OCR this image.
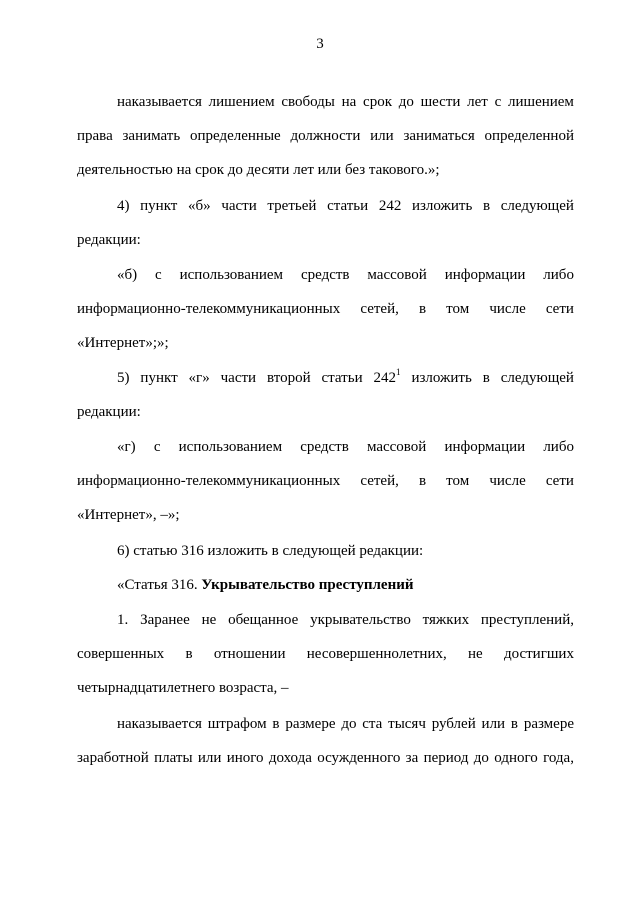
3
наказывается лишением свободы на срок до шести лет с лишением
права занимать определенные должности или заниматься определенной
деятельностью на срок до десяти лет или без такового.»;
4) пункт «б» части третьей статьи 242 изложить в следующей
редакции:
«б) с использованием средств массовой информации либо
информационно-телекоммуникационных сетей, в том числе сети
«Интернет»;»;
5) пункт «г» части второй статьи $242^1$ изложить в следующей
редакции:
«г) с использованием средств массовой информации либо
информационно-телекоммуникационных сетей, в том числе сети
«Интернет», –»;
6) статью 316 изложить в следующей редакции:
«Статья 316. Укрывательство преступлений
1. Заранее не обещанное укрывательство тяжких преступлений,
совершенных в отношении несовершеннолетних, не достигших
четырнадцатилетнего возраста, –
наказывается штрафом в размере до ста тысяч рублей или в размере
заработной платы или иного дохода осужденного за период до одного года,
